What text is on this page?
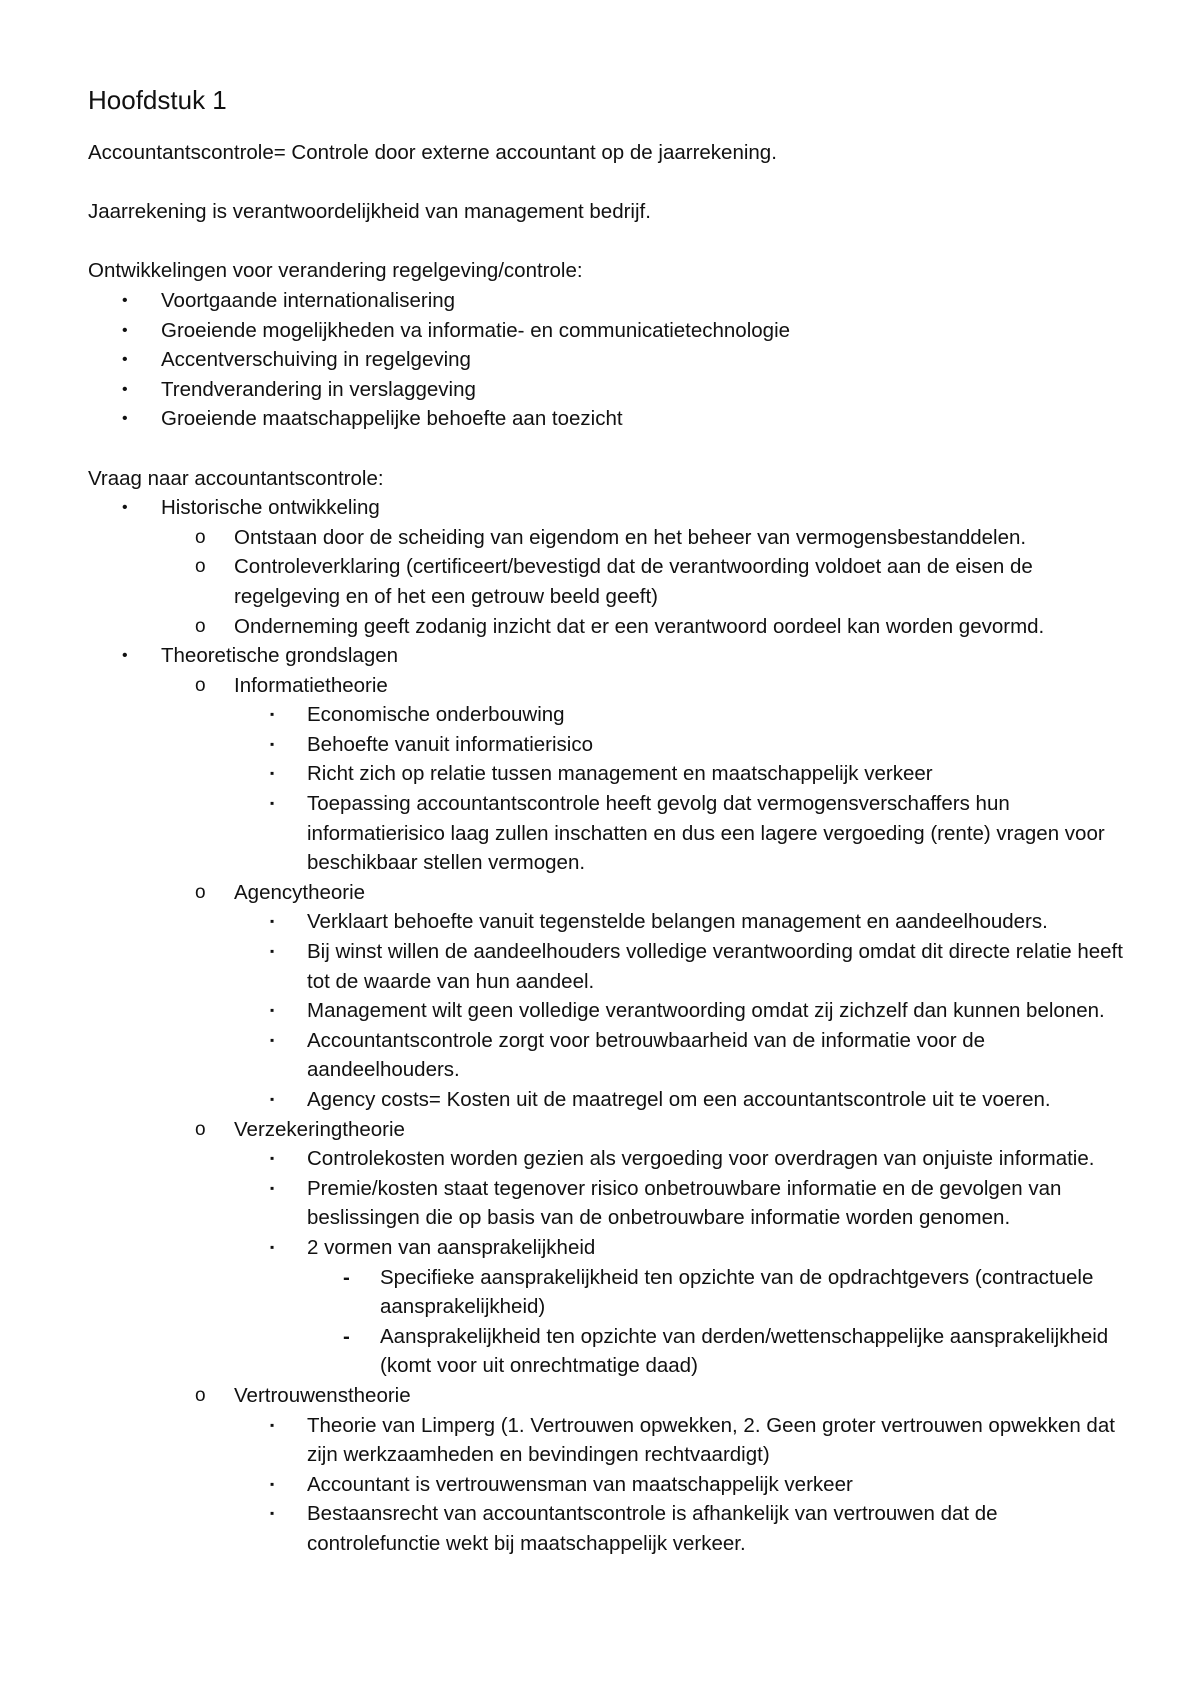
Hoofdstuk 1

Accountantscontrole= Controle door externe accountant op de jaarrekening.

Jaarrekening is verantwoordelijkheid van management bedrijf.

Ontwikkelingen voor verandering regelgeving/controle:

• Voortgaande internationalisering
• Groeiende mogelijkheden va informatie- en communicatietechnologie
• Accentverschuiving in regelgeving
• Trendverandering in verslaggeving
• Groeiende maatschappelijke behoefte aan toezicht

Vraag naar accountantscontrole:

• Historische ontwikkeling
o Ontstaan door de scheiding van eigendom en het beheer van vermogensbestanddelen.
o Controleverklaring (certificeert/bevestigd dat de verantwoording voldoet aan de eisen de regelgeving en of het een getrouw beeld geeft)
o Onderneming geeft zodanig inzicht dat er een verantwoord oordeel kan worden gevormd.
• Theoretische grondslagen
o Informatietheorie
▪ Economische onderbouwing
▪ Behoefte vanuit informatierisico
▪ Richt zich op relatie tussen management en maatschappelijk verkeer
▪ Toepassing accountantscontrole heeft gevolg dat vermogensverschaffers hun informatierisico laag zullen inschatten en dus een lagere vergoeding (rente) vragen voor beschikbaar stellen vermogen.
o Agencytheorie
▪ Verklaart behoefte vanuit tegenstelde belangen management en aandeelhouders.
▪ Bij winst willen de aandeelhouders volledige verantwoording omdat dit directe relatie heeft tot de waarde van hun aandeel.
▪ Management wilt geen volledige verantwoording omdat zij zichzelf dan kunnen belonen.
▪ Accountantscontrole zorgt voor betrouwbaarheid van de informatie voor de aandeelhouders.
▪ Agency costs= Kosten uit de maatregel om een accountantscontrole uit te voeren.
o Verzekeringtheorie
▪ Controlekosten worden gezien als vergoeding voor overdragen van onjuiste informatie.
▪ Premie/kosten staat tegenover risico onbetrouwbare informatie en de gevolgen van beslissingen die op basis van de onbetrouwbare informatie worden genomen.
▪ 2 vormen van aansprakelijkheid
- Specifieke aansprakelijkheid ten opzichte van de opdrachtgevers (contractuele aansprakelijkheid)
- Aansprakelijkheid ten opzichte van derden/wettenschappelijke aansprakelijkheid (komt voor uit onrechtmatige daad)
o Vertrouwenstheorie
▪ Theorie van Limperg (1. Vertrouwen opwekken, 2. Geen groter vertrouwen opwekken dat zijn werkzaamheden en bevindingen rechtvaardigt)
▪ Accountant is vertrouwensman van maatschappelijk verkeer
▪ Bestaansrecht van accountantscontrole is afhankelijk van vertrouwen dat de controlefunctie wekt bij maatschappelijk verkeer.
